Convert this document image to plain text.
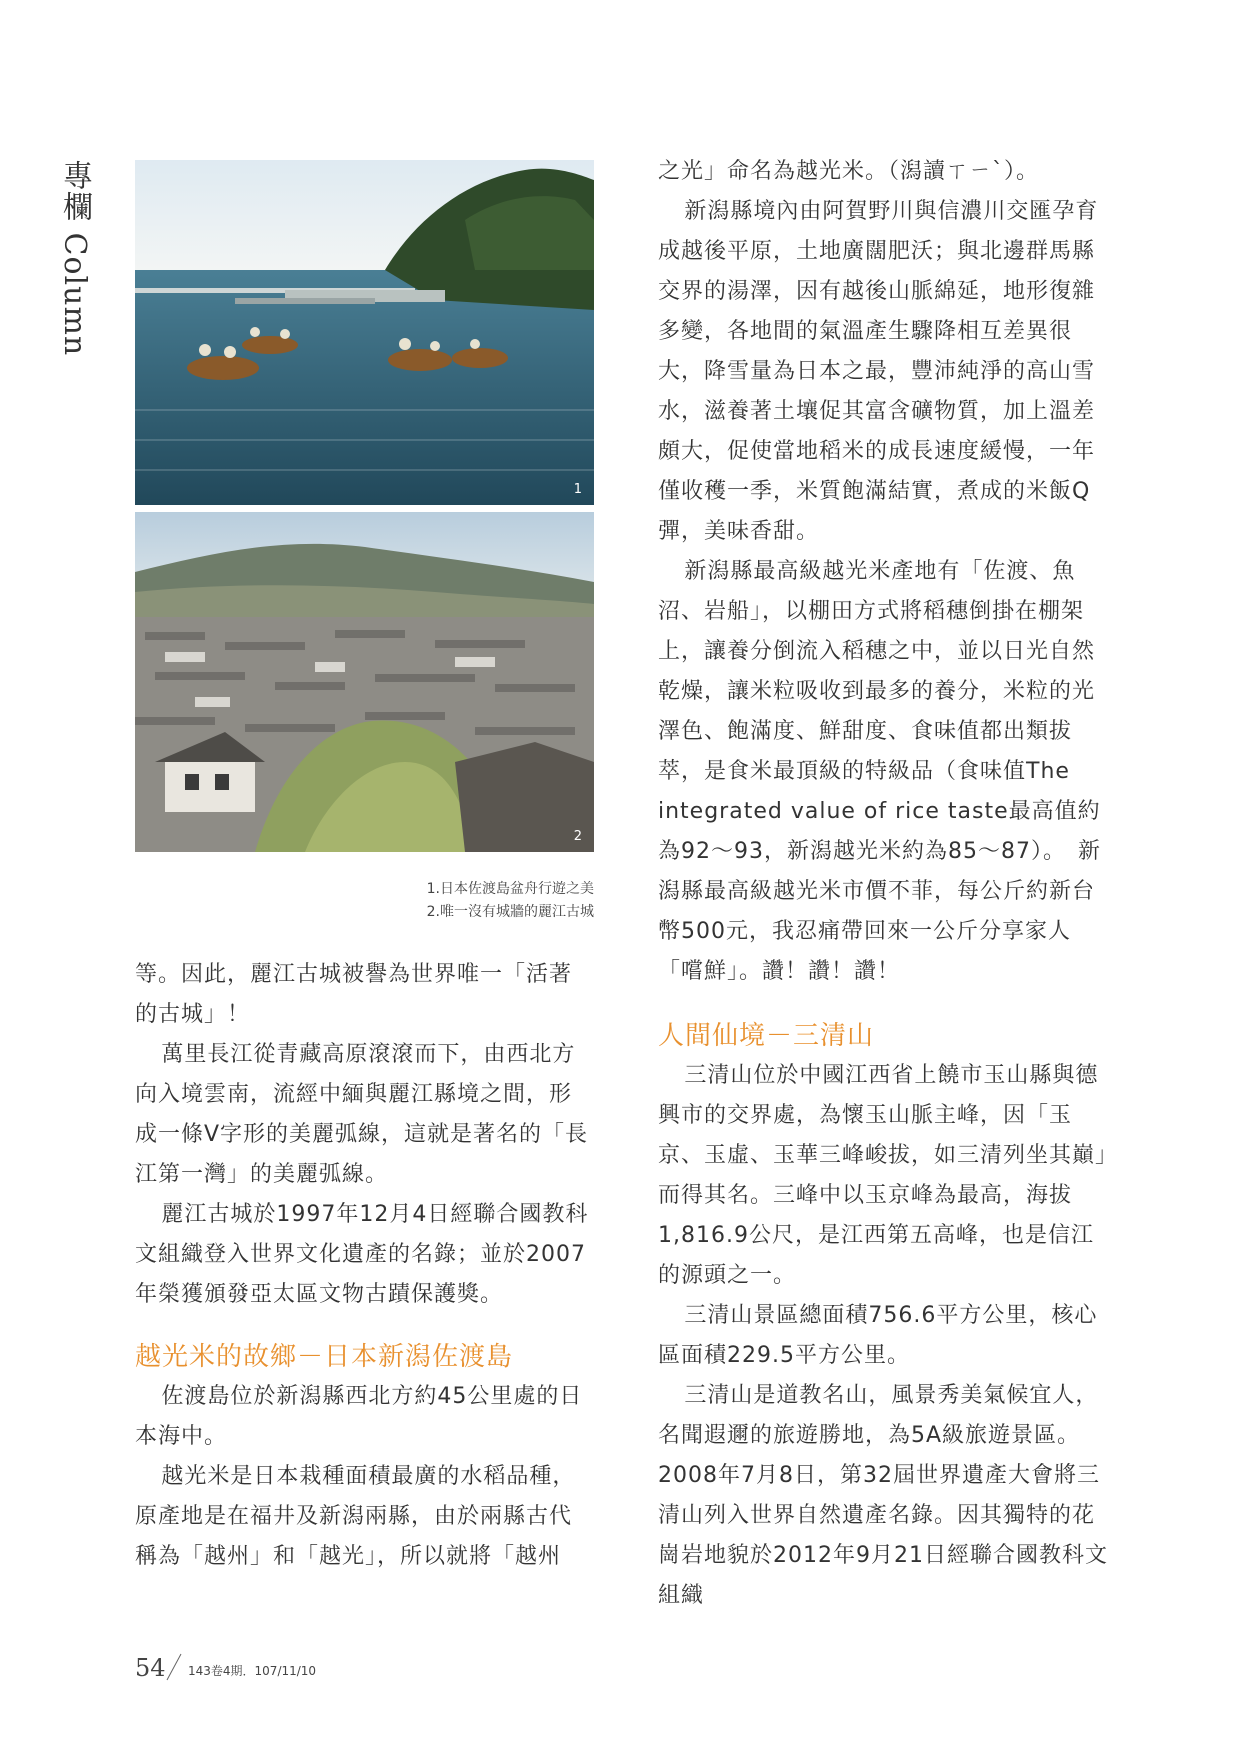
專欄 Column
1
2
1.日本佐渡島盆舟行遊之美
2.唯一沒有城牆的麗江古城

等。因此，麗江古城被譽為世界唯一「活著的古城」！

萬里長江從青藏高原滾滾而下，由西北方向入境雲南，流經中緬與麗江縣境之間，形成一條V字形的美麗弧線，這就是著名的「長江第一灣」的美麗弧線。

麗江古城於1997年12月4日經聯合國教科文組織登入世界文化遺產的名錄；並於2007年榮獲頒發亞太區文物古蹟保護獎。

越光米的故鄉－日本新潟佐渡島

佐渡島位於新潟縣西北方約45公里處的日本海中。

越光米是日本栽種面積最廣的水稻品種，原產地是在福井及新潟兩縣，由於兩縣古代稱為「越州」和「越光」，所以就將「越州

之光」命名為越光米。（潟讀ㄒㄧˋ）。

新潟縣境內由阿賀野川與信濃川交匯孕育成越後平原，土地廣闊肥沃；與北邊群馬縣交界的湯澤，因有越後山脈綿延，地形復雜多變，各地間的氣溫產生驟降相互差異很大，降雪量為日本之最，豐沛純淨的高山雪水，滋養著土壤促其富含礦物質，加上溫差頗大，促使當地稻米的成長速度緩慢，一年僅收穫一季，米質飽滿結實，煮成的米飯Q彈，美味香甜。

新潟縣最高級越光米產地有「佐渡、魚沼、岩船」，以棚田方式將稻穗倒掛在棚架上，讓養分倒流入稻穗之中，並以日光自然乾燥，讓米粒吸收到最多的養分，米粒的光澤色、飽滿度、鮮甜度、食味值都出類拔萃，是食米最頂級的特級品（食味值The integrated value of rice taste最高值約為92～93，新潟越光米約為85～87）。　新潟縣最高級越光米市價不菲，每公斤約新台幣500元，我忍痛帶回來一公斤分享家人「嚐鮮」。讚！讚！讚！

人間仙境－三清山

三清山位於中國江西省上饒市玉山縣與德興市的交界處，為懷玉山脈主峰，因「玉京、玉虛、玉華三峰峻拔，如三清列坐其巔」而得其名。三峰中以玉京峰為最高，海拔1,816.9公尺，是江西第五高峰，也是信江的源頭之一。

三清山景區總面積756.6平方公里，核心區面積229.5平方公里。

三清山是道教名山，風景秀美氣候宜人，名聞遐邇的旅遊勝地，為5A級旅遊景區。2008年7月8日，第32屆世界遺產大會將三清山列入世界自然遺產名錄。因其獨特的花崗岩地貌於2012年9月21日經聯合國教科文組織

54 143卷4期．107/11/10
